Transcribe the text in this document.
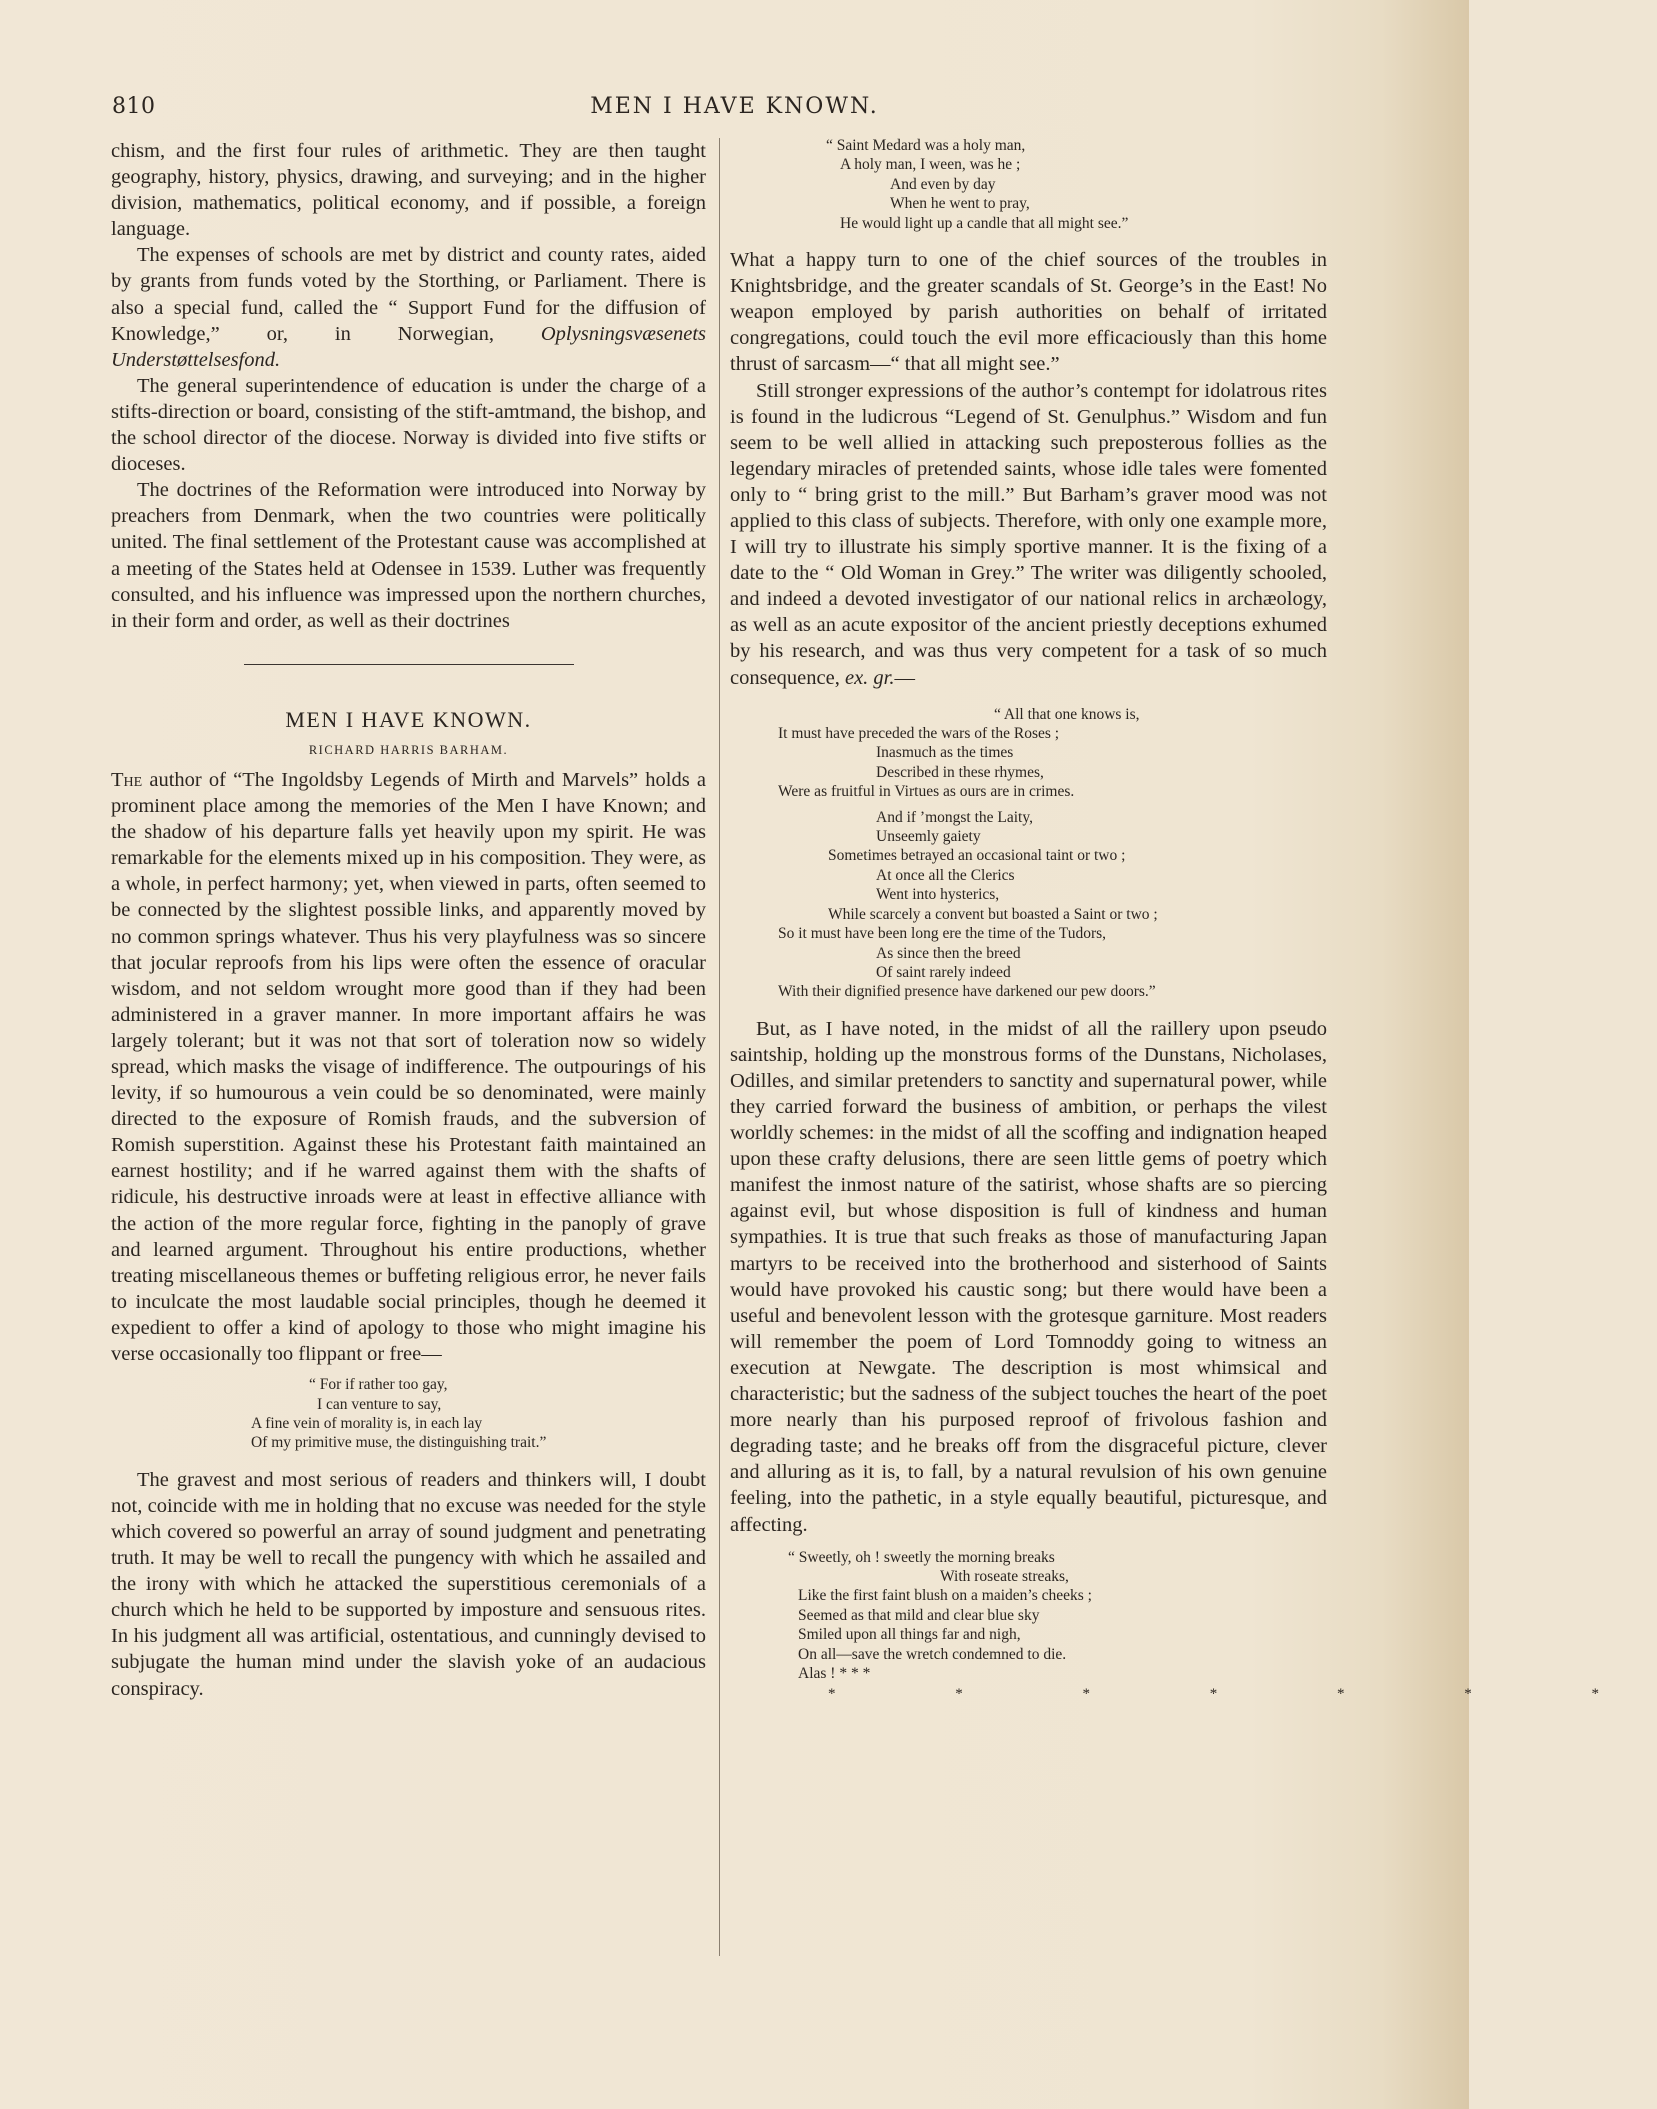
810	MEN I HAVE KNOWN.

chism, and the first four rules of arithmetic. They are then taught geography, history, physics, drawing, and surveying; and in the higher division, mathematics, political economy, and if possible, a foreign language.

The expenses of schools are met by district and county rates, aided by grants from funds voted by the Storthing, or Parliament. There is also a special fund, called the “ Support Fund for the diffusion of Knowledge,” or, in Norwegian, Oplysningsvæsenets Understøttelsesfond.

The general superintendence of education is under the charge of a stifts-direction or board, consisting of the stift-amtmand, the bishop, and the school director of the diocese. Norway is divided into five stifts or dioceses.

The doctrines of the Reformation were introduced into Norway by preachers from Denmark, when the two countries were politically united. The final settlement of the Protestant cause was accomplished at a meeting of the States held at Odensee in 1539. Luther was frequently consulted, and his influence was impressed upon the northern churches, in their form and order, as well as their doctrines

MEN I HAVE KNOWN.
RICHARD HARRIS BARHAM.

The author of “The Ingoldsby Legends of Mirth and Marvels” holds a prominent place among the memories of the Men I have Known; and the shadow of his departure falls yet heavily upon my spirit. He was remarkable for the elements mixed up in his composition. They were, as a whole, in perfect harmony; yet, when viewed in parts, often seemed to be connected by the slightest possible links, and apparently moved by no common springs whatever. Thus his very playfulness was so sincere that jocular reproofs from his lips were often the essence of oracular wisdom, and not seldom wrought more good than if they had been administered in a graver manner. In more important affairs he was largely tolerant; but it was not that sort of toleration now so widely spread, which masks the visage of indifference. The outpourings of his levity, if so humourous a vein could be so denominated, were mainly directed to the exposure of Romish frauds, and the subversion of Romish superstition. Against these his Protestant faith maintained an earnest hostility; and if he warred against them with the shafts of ridicule, his destructive inroads were at least in effective alliance with the action of the more regular force, fighting in the panoply of grave and learned argument. Throughout his entire productions, whether treating miscellaneous themes or buffeting religious error, he never fails to inculcate the most laudable social principles, though he deemed it expedient to offer a kind of apology to those who might imagine his verse occasionally too flippant or free—

“ For if rather too gay,
I can venture to say,
A fine vein of morality is, in each lay
Of my primitive muse, the distinguishing trait.”

The gravest and most serious of readers and thinkers will, I doubt not, coincide with me in holding that no excuse was needed for the style which covered so powerful an array of sound judgment and penetrating truth. It may be well to recall the pungency with which he assailed and the irony with which he attacked the superstitious ceremonials of a church which he held to be supported by imposture and sensuous rites. In his judgment all was artificial, ostentatious, and cunningly devised to subjugate the human mind under the slavish yoke of an audacious conspiracy.

“ Saint Medard was a holy man,
A holy man, I ween, was he ;
And even by day
When he went to pray,
He would light up a candle that all might see.”

What a happy turn to one of the chief sources of the troubles in Knightsbridge, and the greater scandals of St. George’s in the East! No weapon employed by parish authorities on behalf of irritated congregations, could touch the evil more efficaciously than this home thrust of sarcasm—“ that all might see.”

Still stronger expressions of the author’s contempt for idolatrous rites is found in the ludicrous “Legend of St. Genulphus.” Wisdom and fun seem to be well allied in attacking such preposterous follies as the legendary miracles of pretended saints, whose idle tales were fomented only to “ bring grist to the mill.” But Barham’s graver mood was not applied to this class of subjects. Therefore, with only one example more, I will try to illustrate his simply sportive manner. It is the fixing of a date to the “ Old Woman in Grey.” The writer was diligently schooled, and indeed a devoted investigator of our national relics in archæology, as well as an acute expositor of the ancient priestly deceptions exhumed by his research, and was thus very competent for a task of so much consequence, ex. gr.—

“ All that one knows is,
It must have preceded the wars of the Roses ;
Inasmuch as the times
Described in these rhymes,
Were as fruitful in Virtues as ours are in crimes.
And if ’mongst the Laity,
Unseemly gaiety
Sometimes betrayed an occasional taint or two ;
At once all the Clerics
Went into hysterics,
While scarcely a convent but boasted a Saint or two ;
So it must have been long ere the time of the Tudors,
As since then the breed
Of saint rarely indeed
With their dignified presence have darkened our pew doors.”

But, as I have noted, in the midst of all the raillery upon pseudo saintship, holding up the monstrous forms of the Dunstans, Nicholases, Odilles, and similar pretenders to sanctity and supernatural power, while they carried forward the business of ambition, or perhaps the vilest worldly schemes: in the midst of all the scoffing and indignation heaped upon these crafty delusions, there are seen little gems of poetry which manifest the inmost nature of the satirist, whose shafts are so piercing against evil, but whose disposition is full of kindness and human sympathies. It is true that such freaks as those of manufacturing Japan martyrs to be received into the brotherhood and sisterhood of Saints would have provoked his caustic song; but there would have been a useful and benevolent lesson with the grotesque garniture. Most readers will remember the poem of Lord Tomnoddy going to witness an execution at Newgate. The description is most whimsical and characteristic; but the sadness of the subject touches the heart of the poet more nearly than his purposed reproof of frivolous fashion and degrading taste; and he breaks off from the disgraceful picture, clever and alluring as it is, to fall, by a natural revulsion of his own genuine feeling, into the pathetic, in a style equally beautiful, picturesque, and affecting.

“ Sweetly, oh ! sweetly the morning breaks
With roseate streaks,
Like the first faint blush on a maiden’s cheeks ;
Seemed as that mild and clear blue sky
Smiled upon all things far and nigh,
On all—save the wretch condemned to die.
Alas ! * * *
* * * * * * *
